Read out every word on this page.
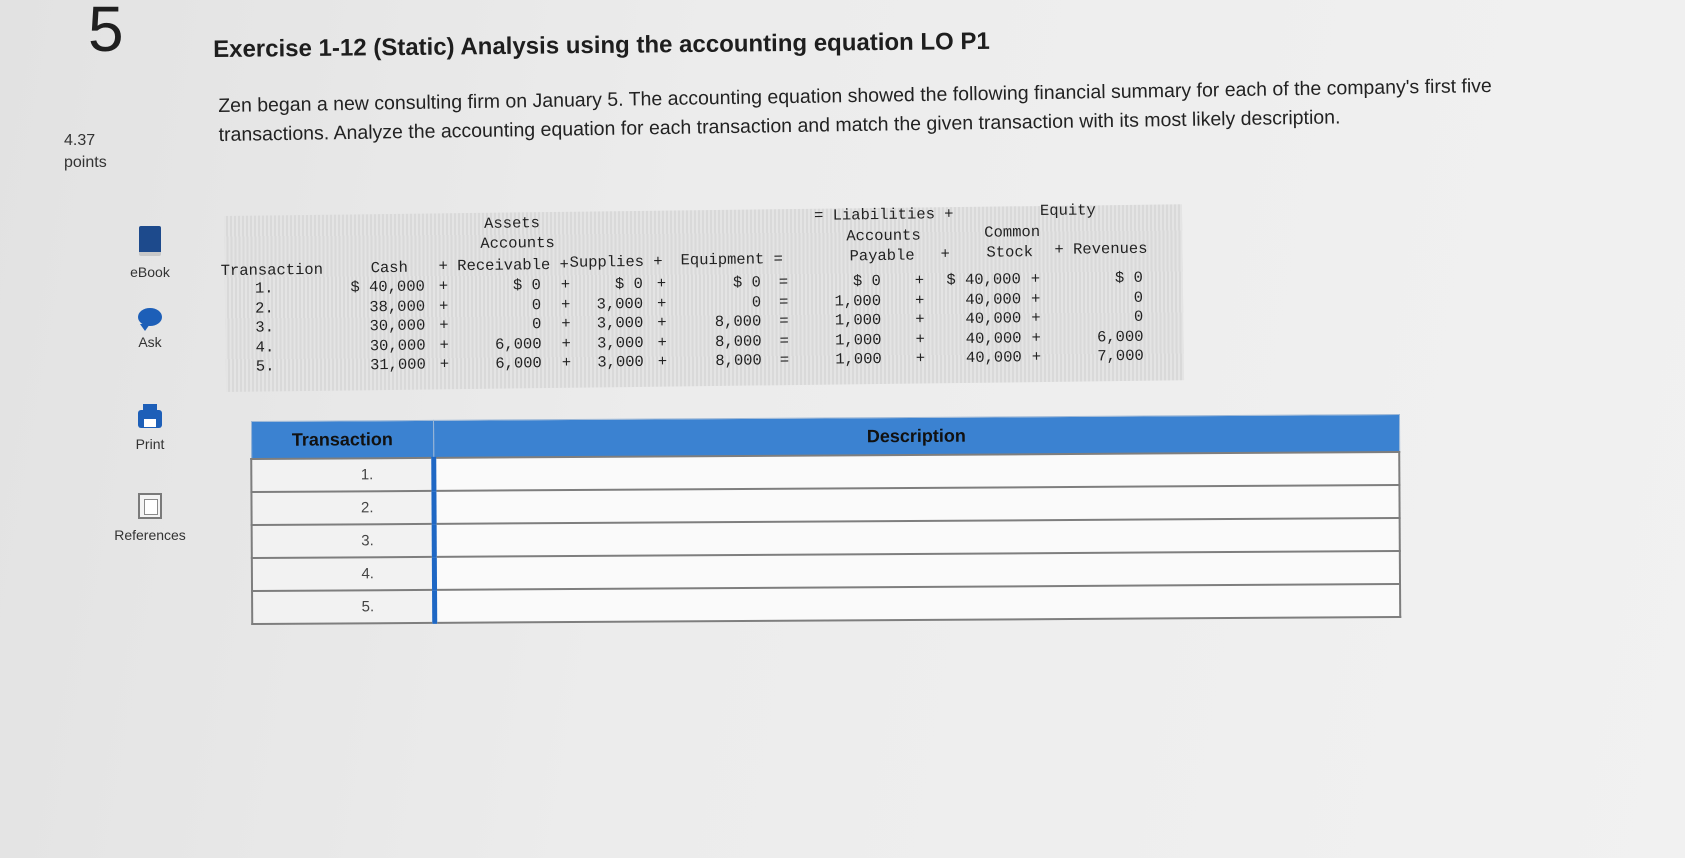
5	Exercise 1-12 (Static) Analysis using the accounting equation LO P1
4.37
points
eBook
Ask
Print
References
Zen began a new consulting firm on January 5. The accounting equation showed the following financial summary for each of the company's first five transactions. Analyze the accounting equation for each transaction and match the given transaction with its most likely description.
Assets	= Liabilities +	Equity
Accounts	Accounts	Common
Transaction	Cash + Receivable + Supplies + Equipment =	Payable + Stock + Revenues
1.	$ 40,000 +	$ 0 +	$ 0 +	$ 0 =	$ 0 +	$ 40,000 +	$ 0
2.	38,000 +	0 +	3,000 +	0 =	1,000 +	40,000 +	0
3.	30,000 +	0 +	3,000 +	8,000 =	1,000 +	40,000 +	0
4.	30,000 +	6,000 +	3,000 +	8,000 =	1,000 +	40,000 +	6,000
5.	31,000 +	6,000 +	3,000 +	8,000 =	1,000 +	40,000 +	7,000
Transaction	Description
1.	

2.	

3.	

4.	

5.	
